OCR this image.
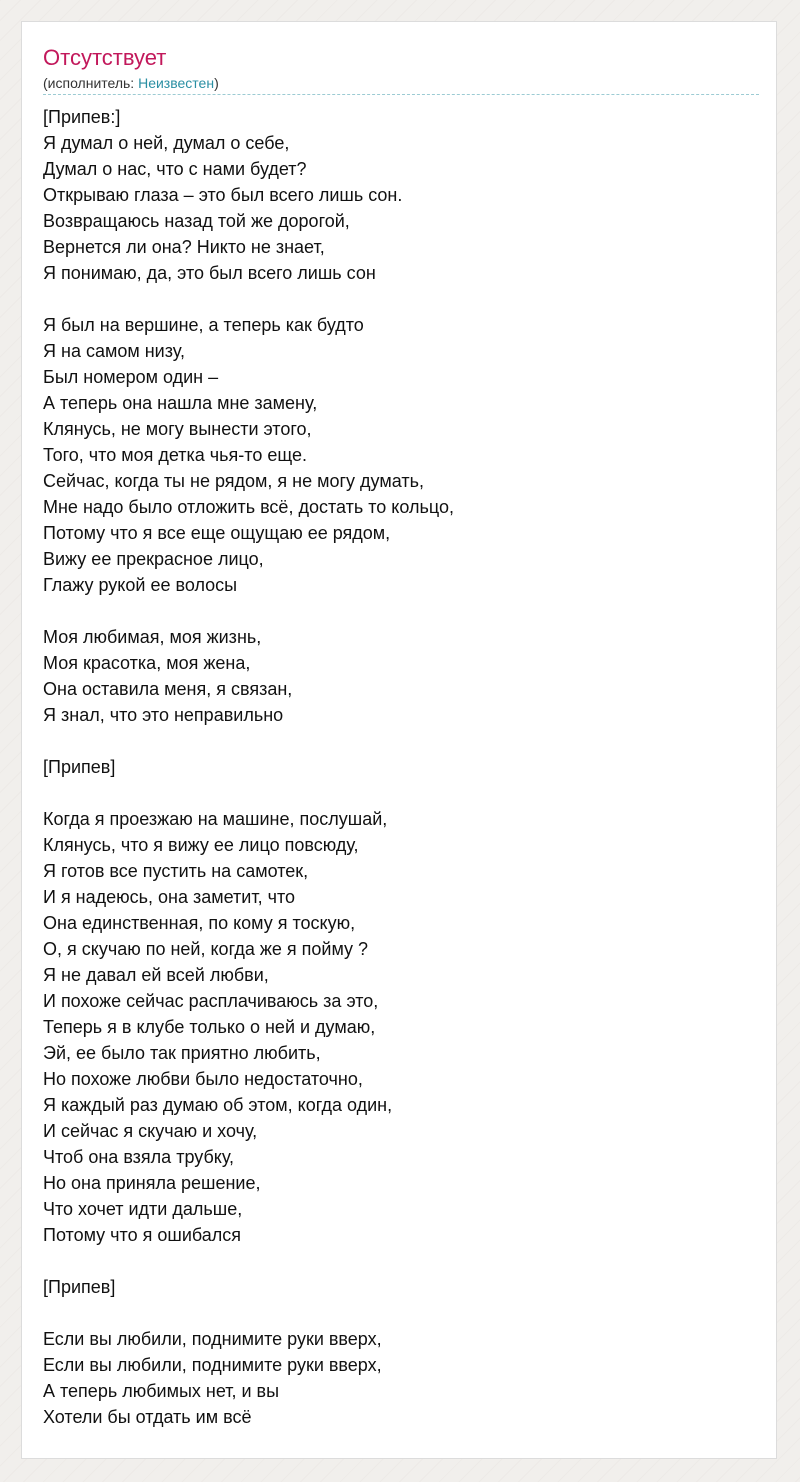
Отсутствует
(исполнитель: Неизвестен)
[Припев:]
Я думал о ней, думал о себе,
Думал о нас, что с нами будет?
Открываю глаза – это был всего лишь сон.
Возвращаюсь назад той же дорогой,
Вернется ли она? Никто не знает,
Я понимаю, да, это был всего лишь сон
Я был на вершине, а теперь как будто
Я на самом низу,
Был номером один –
А теперь она нашла мне замену,
Клянусь, не могу вынести этого,
Того, что моя детка чья-то еще.
Сейчас, когда ты не рядом, я не могу думать,
Мне надо было отложить всё, достать то кольцо,
Потому что я все еще ощущаю ее рядом,
Вижу ее прекрасное лицо,
Глажу рукой ее волосы
Моя любимая, моя жизнь,
Моя красотка, моя жена,
Она оставила меня, я связан,
Я знал, что это неправильно
[Припев]
Когда я проезжаю на машине, послушай,
Клянусь, что я вижу ее лицо повсюду,
Я готов все пустить на самотек,
И я надеюсь, она заметит, что
Она единственная, по кому я тоскую,
О, я скучаю по ней, когда же я пойму ?
Я не давал ей всей любви,
И похоже сейчас расплачиваюсь за это,
Теперь я в клубе только о ней и думаю,
Эй, ее было так приятно любить,
Но похоже любви было недостаточно,
Я каждый раз думаю об этом, когда один,
И сейчас я скучаю и хочу,
Чтоб она взяла трубку,
Но она приняла решение,
Что хочет идти дальше,
Потому что я ошибался
[Припев]
Если вы любили, поднимите руки вверх,
Если вы любили, поднимите руки вверх,
А теперь любимых нет, и вы
Хотели бы отдать им всё
